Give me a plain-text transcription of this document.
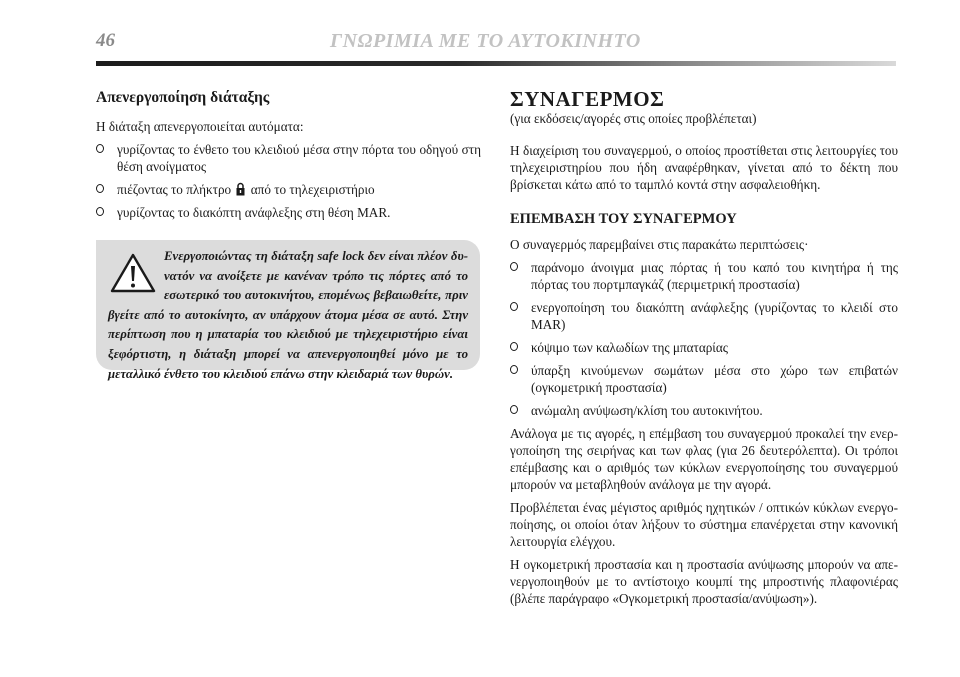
46	ΓΝΩΡΙΜΙΑ ΜΕ ΤΟ ΑΥΤΟΚΙΝΗΤΟ
Απενεργοποίηση διάταξης

Η διάταξη απενεργοποιείται αυτόματα:

γυρίζοντας το ένθετο του κλειδιού μέσα στην πόρτα του οδηγού στη θέση ανοίγματος
πιέζοντας το πλήκτρο από το τηλεχειριστήριο
γυρίζοντας το διακόπτη ανάφλεξης στη θέση MAR.

Ενεργοποιώντας τη διάταξη safe lock δεν είναι πλέον δυνατόν να ανοίξετε με κανέναν τρόπο τις πόρτες από το εσωτερικό του αυτοκινήτου, επομένως βεβαιωθείτε, πριν βγείτε από το αυτοκίνητο, αν υπάρχουν άτομα μέσα σε αυτό. Στην περίπτωση που η μπαταρία του κλειδιού με τηλεχειριστήριο είναι ξεφόρτιστη, η διάταξη μπορεί να απενεργοποιηθεί μόνο με το μεταλλικό ένθετο του κλειδιού επάνω στην κλειδαριά των θυρών.

ΣΥΝΑΓΕΡΜΟΣ

(για εκδόσεις/αγορές στις οποίες προβλέπεται)

Η διαχείριση του συναγερμού, ο οποίος προστίθεται στις λειτουργίες του τηλεχειριστηρίου που ήδη αναφέρθηκαν, γίνεται από το δέκτη που βρίσκεται κάτω από το ταμπλό κοντά στην ασφαλειοθήκη.

ΕΠΕΜΒΑΣΗ ΤΟΥ ΣΥΝΑΓΕΡΜΟΥ

Ο συναγερμός παρεμβαίνει στις παρακάτω περιπτώσεις·

παράνομο άνοιγμα μιας πόρτας ή του καπό του κινητήρα ή της πόρτας του πορτμπαγκάζ (περιμετρική προστασία)
ενεργοποίηση του διακόπτη ανάφλεξης (γυρίζοντας το κλειδί στο MAR)
κόψιμο των καλωδίων της μπαταρίας
ύπαρξη κινούμενων σωμάτων μέσα στο χώρο των επιβατών (ογκομετρική προστασία)
ανώμαλη ανύψωση/κλίση του αυτοκινήτου.

Ανάλογα με τις αγορές, η επέμβαση του συναγερμού προκαλεί την ενεργοποίηση της σειρήνας και των φλας (για 26 δευτερόλεπτα). Οι τρόποι επέμβασης και ο αριθμός των κύκλων ενεργοποίησης του συναγερμού μπορούν να μεταβληθούν ανάλογα με την αγορά.

Προβλέπεται ένας μέγιστος αριθμός ηχητικών / οπτικών κύκλων ενεργοποίησης, οι οποίοι όταν λήξουν το σύστημα επανέρχεται στην κανονική λειτουργία ελέγχου.

Η ογκομετρική προστασία και η προστασία ανύψωσης μπορούν να απενεργοποιηθούν με το αντίστοιχο κουμπί της μπροστινής πλαφονιέρας (βλέπε παράγραφο «Ογκομετρική προστασία/ανύψωση»).
